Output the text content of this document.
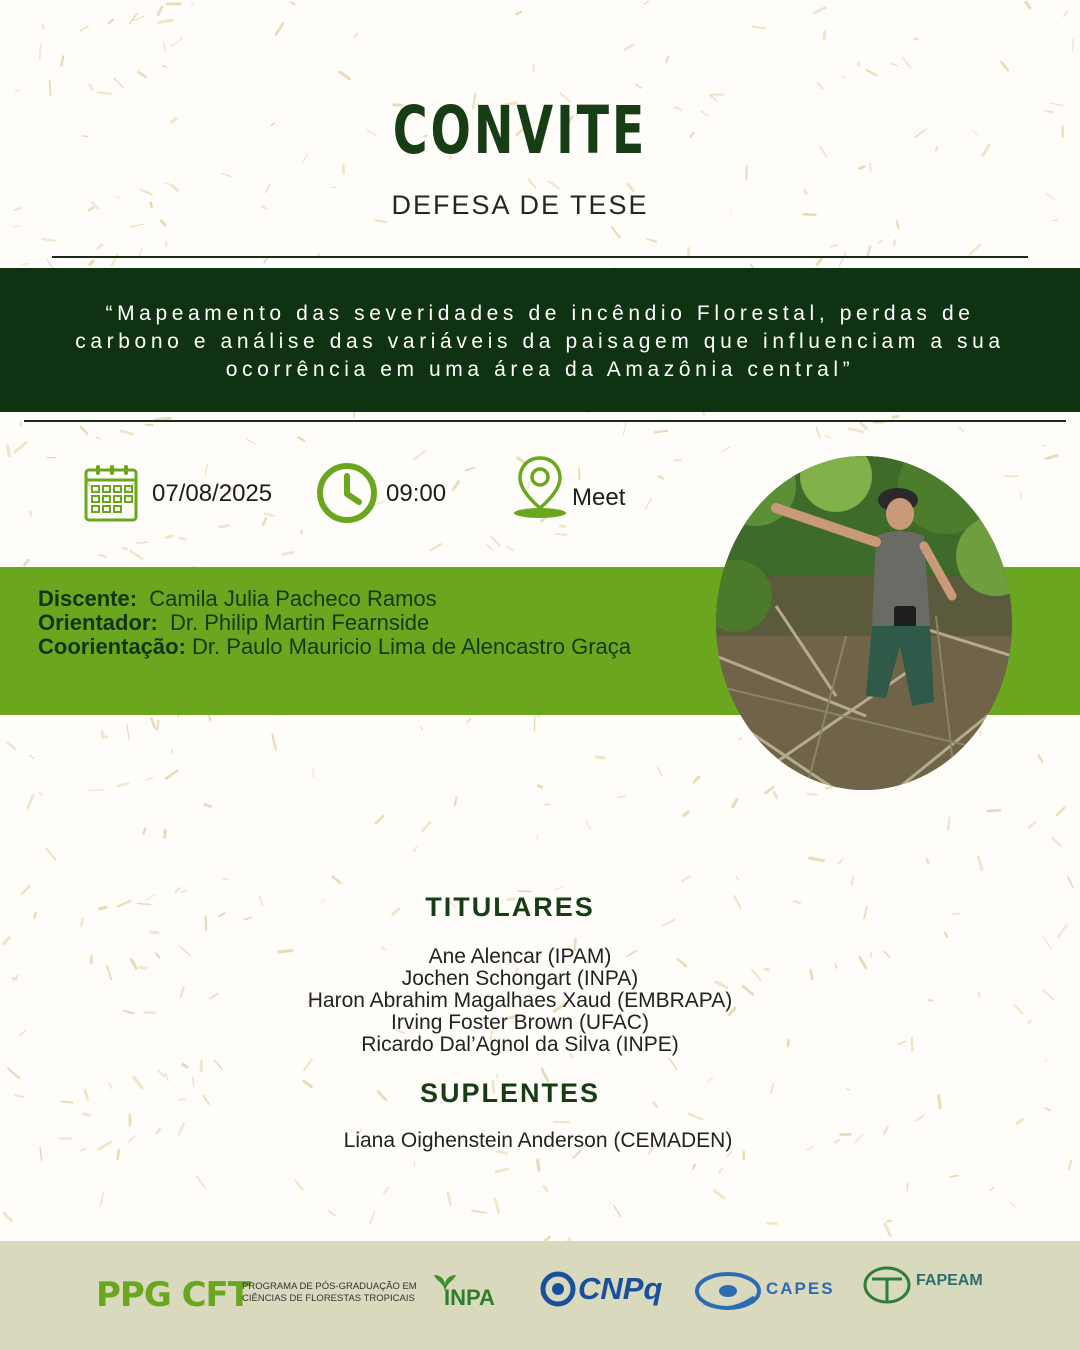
CONVITE
DEFESA DE TESE
“Mapeamento das severidades de incêndio Florestal, perdas de
carbono e análise das variáveis da paisagem que influenciam a sua
ocorrência em uma área da Amazônia central”
07/08/2025	09:00	Meet
Discente: Camila Julia Pacheco Ramos
Orientador: Dr. Philip Martin Fearnside
Coorientação: Dr. Paulo Mauricio Lima de Alencastro Graça
TITULARES
Ane Alencar (IPAM)
Jochen Schongart (INPA)
Haron Abrahim Magalhaes Xaud (EMBRAPA)
Irving Foster Brown (UFAC)
Ricardo Dal’Agnol da Silva (INPE)
SUPLENTES
Liana Oighenstein Anderson (CEMADEN)
PPG CFT
PROGRAMA DE PÓS-GRADUAÇÃO EM
CIÊNCIAS DE FLORESTAS TROPICAIS INPA	CNPq	CAPES	FAPEAM
